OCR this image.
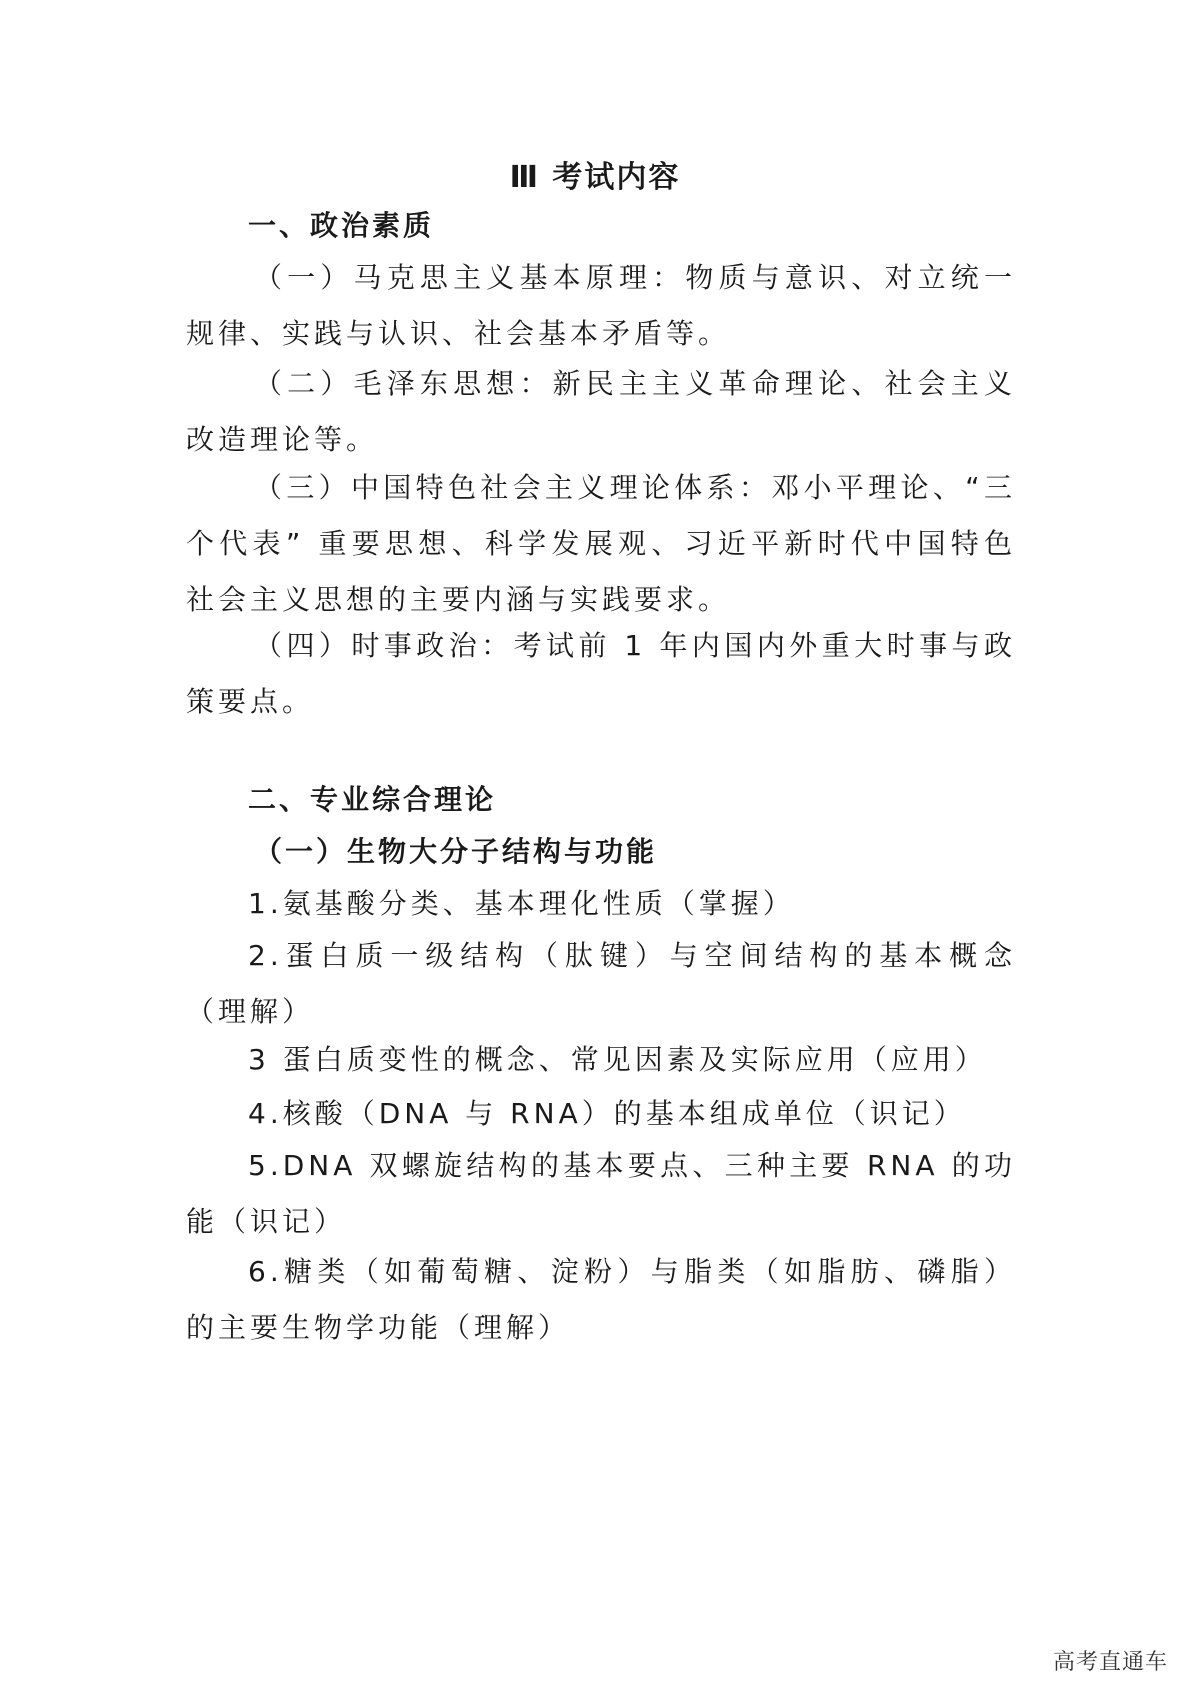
Ⅲ 考试内容

一、政治素质

（一）马克思主义基本原理：物质与意识、对立统一规律、实践与认识、社会基本矛盾等。

（二）毛泽东思想：新民主主义革命理论、社会主义改造理论等。

（三）中国特色社会主义理论体系：邓小平理论、“三个代表” 重要思想、科学发展观、习近平新时代中国特色社会主义思想的主要内涵与实践要求。

（四）时事政治：考试前 1 年内国内外重大时事与政策要点。

二、专业综合理论

（一）生物大分子结构与功能

1.氨基酸分类、基本理化性质（掌握）

2.蛋白质一级结构（肽键）与空间结构的基本概念（理解）

3 蛋白质变性的概念、常见因素及实际应用（应用）

4.核酸（DNA 与 RNA）的基本组成单位（识记）

5.DNA 双螺旋结构的基本要点、三种主要 RNA 的功能（识记）

6.糖类（如葡萄糖、淀粉）与脂类（如脂肪、磷脂）的主要生物学功能（理解）

高考直通车
